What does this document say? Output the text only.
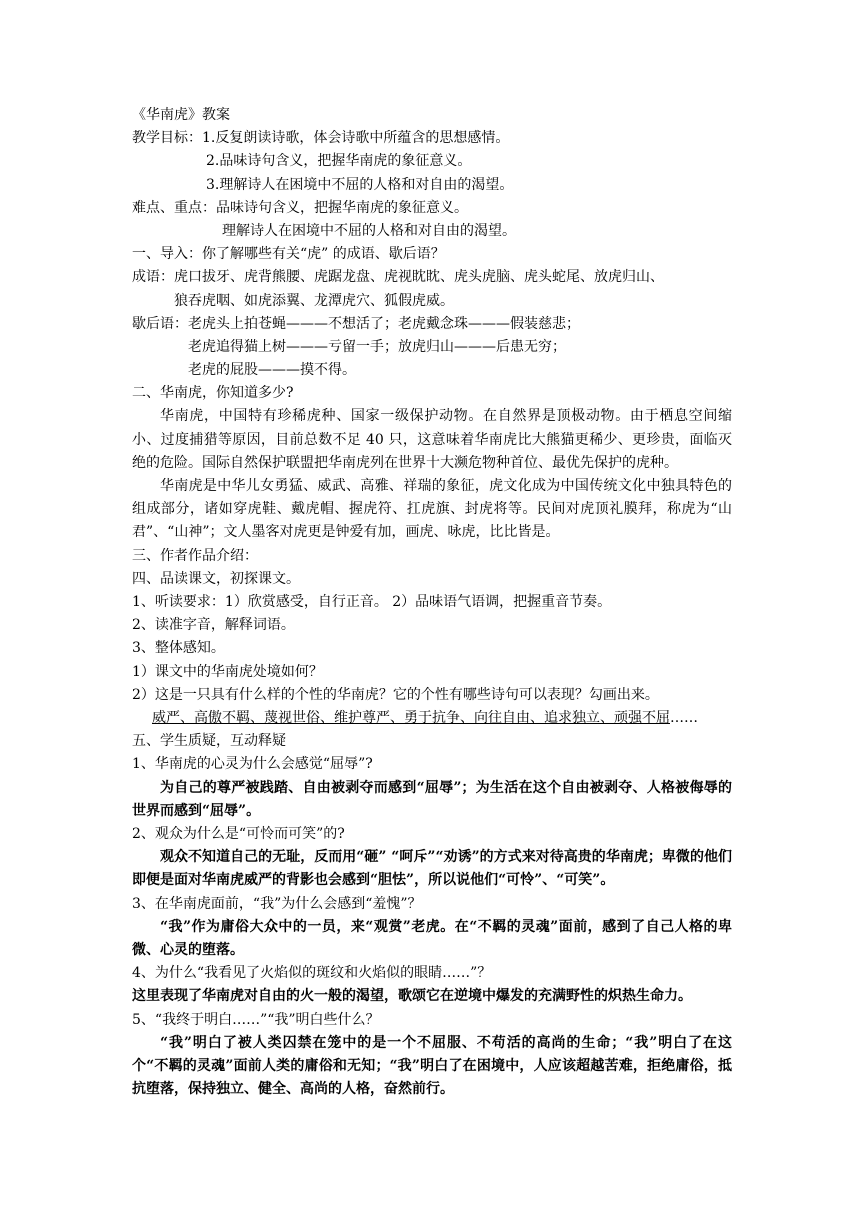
《华南虎》教案
教学目标：1.反复朗读诗歌，体会诗歌中所蕴含的思想感情。
2.品味诗句含义，把握华南虎的象征意义。
3.理解诗人在困境中不屈的人格和对自由的渴望。
难点、重点：品味诗句含义，把握华南虎的象征意义。
理解诗人在困境中不屈的人格和对自由的渴望。
一、导入：你了解哪些有关“虎” 的成语、歇后语？
成语：虎口拔牙、虎背熊腰、虎踞龙盘、虎视眈眈、虎头虎脑、虎头蛇尾、放虎归山、
狼吞虎咽、如虎添翼、龙潭虎穴、狐假虎威。
歇后语：老虎头上拍苍蝇———不想活了；老虎戴念珠———假装慈悲；
老虎追得猫上树———亏留一手；放虎归山———后患无穷；
老虎的屁股———摸不得。
二、华南虎，你知道多少?
华南虎，中国特有珍稀虎种、国家一级保护动物。在自然界是顶极动物。由于栖息空间缩小、过度捕猎等原因，目前总数不足 40 只，这意味着华南虎比大熊猫更稀少、更珍贵，面临灭绝的危险。国际自然保护联盟把华南虎列在世界十大濒危物种首位、最优先保护的虎种。
华南虎是中华儿女勇猛、威武、高雅、祥瑞的象征，虎文化成为中国传统文化中独具特色的组成部分，诸如穿虎鞋、戴虎帽、握虎符、扛虎旗、封虎将等。民间对虎顶礼膜拜，称虎为“山君”、“山神”；文人墨客对虎更是钟爱有加，画虎、咏虎，比比皆是。
三、作者作品介绍：
四、品读课文，初探课文。
1、听读要求：1）欣赏感受，自行正音。 2）品味语气语调，把握重音节奏。
2、读准字音，解释词语。
3、整体感知。
1）课文中的华南虎处境如何？
2）这是一只具有什么样的个性的华南虎？它的个性有哪些诗句可以表现？勾画出来。
威严、高傲不羁、蔑视世俗、维护尊严、勇于抗争、向往自由、追求独立、顽强不屈……
五、学生质疑，互动释疑
1、华南虎的心灵为什么会感觉“屈辱”?
为自己的尊严被践踏、自由被剥夺而感到“屈辱”；为生活在这个自由被剥夺、人格被侮辱的世界而感到“屈辱”。
2、观众为什么是“可怜而可笑”的?
观众不知道自己的无耻，反而用“砸” “呵斥”“劝诱”的方式来对待高贵的华南虎；卑微的他们即便是面对华南虎威严的背影也会感到“胆怯”，所以说他们“可怜”、“可笑”。
3、在华南虎面前，“我”为什么会感到“羞愧”？
“我”作为庸俗大众中的一员，来“观赏”老虎。在“不羁的灵魂”面前，感到了自己人格的卑微、心灵的堕落。
4、为什么“我看见了火焰似的斑纹和火焰似的眼睛……”？
这里表现了华南虎对自由的火一般的渴望，歌颂它在逆境中爆发的充满野性的炽热生命力。
5、“我终于明白……”“我”明白些什么？
“我”明白了被人类囚禁在笼中的是一个不屈服、不苟活的高尚的生命；“我”明白了在这个“不羁的灵魂”面前人类的庸俗和无知；“我”明白了在困境中，人应该超越苦难，拒绝庸俗，抵抗堕落，保持独立、健全、高尚的人格，奋然前行。
